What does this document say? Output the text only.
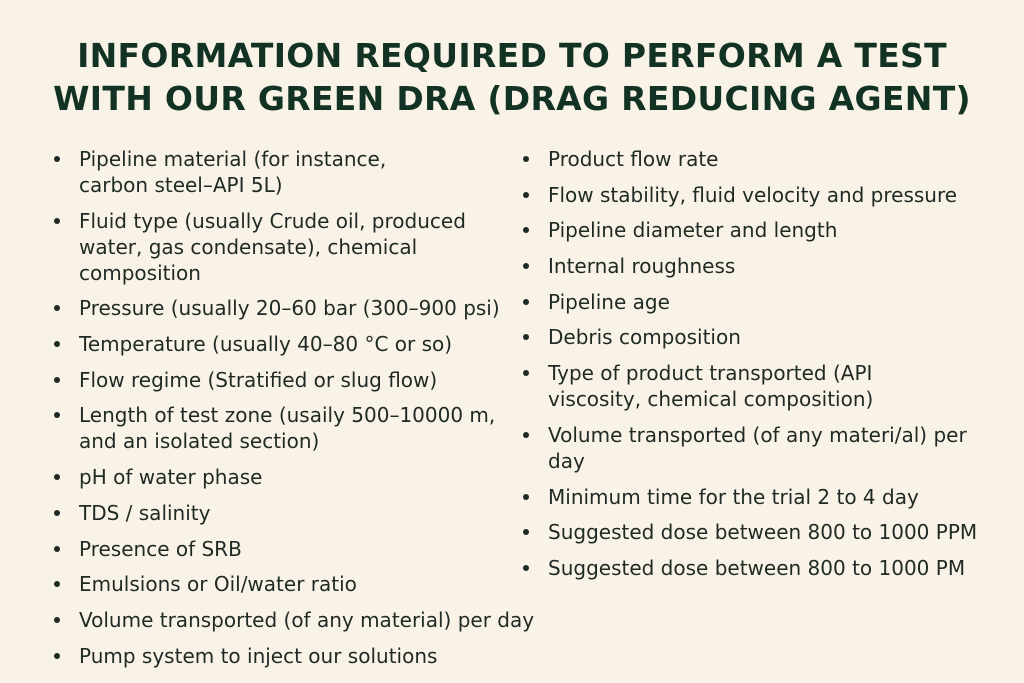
INFORMATION REQUIRED TO PERFORM A TEST
WITH OUR GREEN DRA (DRAG REDUCING AGENT)
Pipeline material (for instance, carbon steel–API 5L)
Fluid type (usually Crude oil, produced water, gas condensate), chemical composition
Pressure (usually 20–60 bar (300–900 psi)
Temperature (usually 40–80 °C or so)
Flow regime (Stratified or slug flow)
Length of test zone (usaily 500–10000 m, and an isolated section)
pH of water phase
TDS / salinity
Presence of SRB
Emulsions or Oil/water ratio
Volume transported (of any material) per day
Pump system to inject our solutions
Product flow rate
Flow stability, fluid velocity and pressure
Pipeline diameter and length
Internal roughness
Pipeline age
Debris composition
Type of product transported (API viscosity, chemical composition)
Volume transported (of any materi/al) per day
Minimum time for the trial 2 to 4 day
Suggested dose between 800 to 1000 PPM
Suggested dose between 800 to 1000 PM
